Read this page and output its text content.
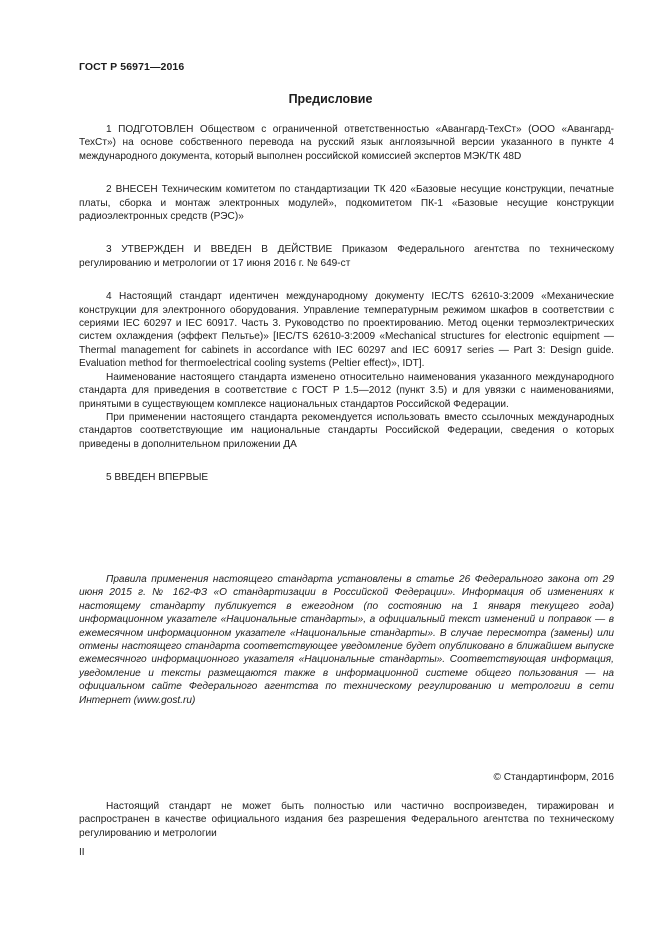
ГОСТ Р 56971—2016
Предисловие

1 ПОДГОТОВЛЕН Обществом с ограниченной ответственностью «Авангард-ТехСт» (ООО «Авангард-ТехСт») на основе собственного перевода на русский язык англоязычной версии указанного в пункте 4 международного документа, который выполнен российской комиссией экспертов МЭК/ТК 48D

2 ВНЕСЕН Техническим комитетом по стандартизации ТК 420 «Базовые несущие конструкции, печатные платы, сборка и монтаж электронных модулей», подкомитетом ПК-1 «Базовые несущие конструкции радиоэлектронных средств (РЭС)»

3 УТВЕРЖДЕН И ВВЕДЕН В ДЕЙСТВИЕ Приказом Федерального агентства по техническому регулированию и метрологии от 17 июня 2016 г. № 649-ст

4 Настоящий стандарт идентичен международному документу IEC/TS 62610-3:2009 «Механические конструкции для электронного оборудования. Управление температурным режимом шкафов в соответствии с сериями IEC 60297 и IEC 60917. Часть 3. Руководство по проектированию. Метод оценки термоэлектрических систем охлаждения (эффект Пельтье)» [IEC/TS 62610-3:2009 «Mechanical structures for electronic equipment — Thermal management for cabinets in accordance with IEC 60297 and IEC 60917 series — Part 3: Design guide. Evaluation method for thermoelectrical cooling systems (Peltier effect)», IDT].

Наименование настоящего стандарта изменено относительно наименования указанного международного стандарта для приведения в соответствие с ГОСТ Р 1.5—2012 (пункт 3.5) и для увязки с наименованиями, принятыми в существующем комплексе национальных стандартов Российской Федерации.

При применении настоящего стандарта рекомендуется использовать вместо ссылочных международных стандартов соответствующие им национальные стандарты Российской Федерации, сведения о которых приведены в дополнительном приложении ДА

5 ВВЕДЕН ВПЕРВЫЕ

Правила применения настоящего стандарта установлены в статье 26 Федерального закона от 29 июня 2015 г. № 162-ФЗ «О стандартизации в Российской Федерации». Информация об изменениях к настоящему стандарту публикуется в ежегодном (по состоянию на 1 января текущего года) информационном указателе «Национальные стандарты», а официальный текст изменений и поправок — в ежемесячном информационном указателе «Национальные стандарты». В случае пересмотра (замены) или отмены настоящего стандарта соответствующее уведомление будет опубликовано в ближайшем выпуске ежемесячного информационного указателя «Национальные стандарты». Соответствующая информация, уведомление и тексты размещаются также в информационной системе общего пользования — на официальном сайте Федерального агентства по техническому регулированию и метрологии в сети Интернет (www.gost.ru)

© Стандартинформ, 2016

Настоящий стандарт не может быть полностью или частично воспроизведен, тиражирован и распространен в качестве официального издания без разрешения Федерального агентства по техническому регулированию и метрологии

II
